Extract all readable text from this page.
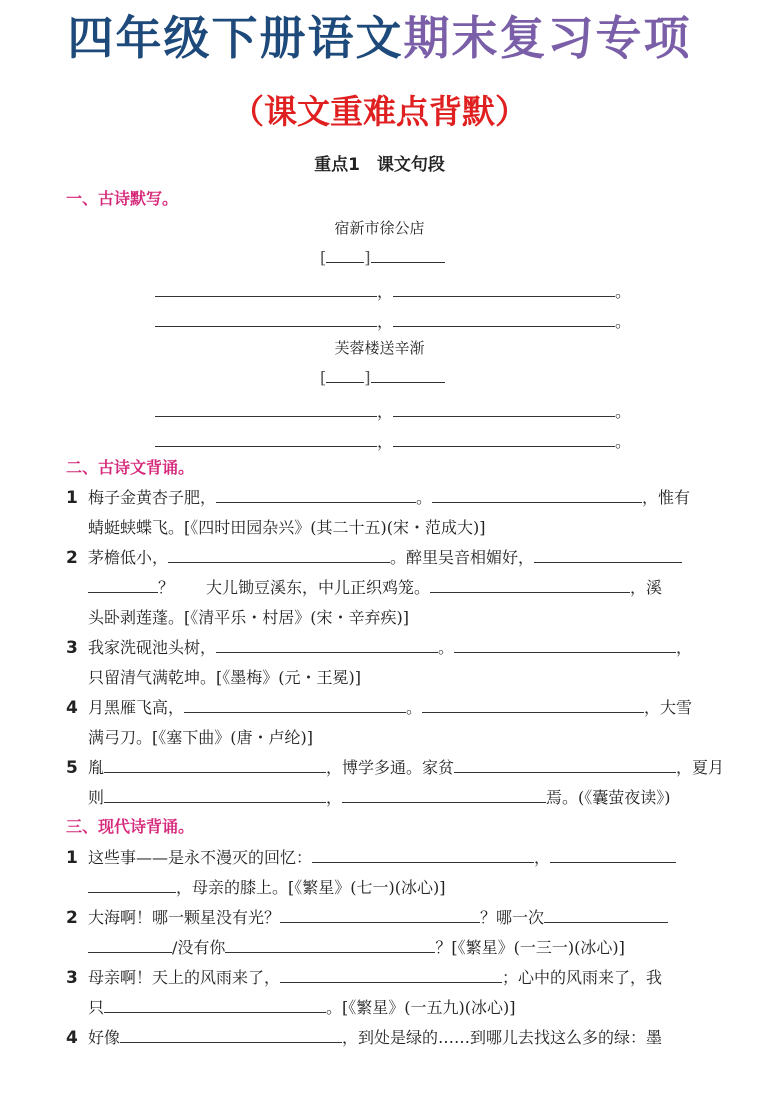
四年级下册语文期末复习专项
（课文重难点背默）
重点1　课文句段
一、古诗默写。
宿新市徐公店
[ ]
，	。
，	。
芙蓉楼送辛渐
[ ]
，	。
，	。
二、古诗文背诵。
1 梅子金黄杏子肥，	。	，惟有
蜻蜓蛱蝶飞。[《四时田园杂兴》(其二十五)(宋・范成大)]
2 茅檐低小，	。醉里吴音相媚好，
？　　大儿锄豆溪东，中儿正织鸡笼。	，溪
头卧剥莲蓬。[《清平乐・村居》(宋・辛弃疾)]
3 我家洗砚池头树，	。	，
只留清气满乾坤。[《墨梅》(元・王冕)]
4 月黑雁飞高，	。	，大雪
满弓刀。[《塞下曲》(唐・卢纶)]
5 胤	，博学多通。家贫	，夏月
则	，	焉。(《囊萤夜读》)
三、现代诗背诵。
1 这些事——是永不漫灭的回忆：	，
，母亲的膝上。[《繁星》(七一)(冰心)]
2 大海啊！哪一颗星没有光？	？哪一次
/没有你	？[《繁星》(一三一)(冰心)]
3 母亲啊！天上的风雨来了，	；心中的风雨来了，我
只	。[《繁星》(一五九)(冰心)]
4 好像	，到处是绿的……到哪儿去找这么多的绿：墨
